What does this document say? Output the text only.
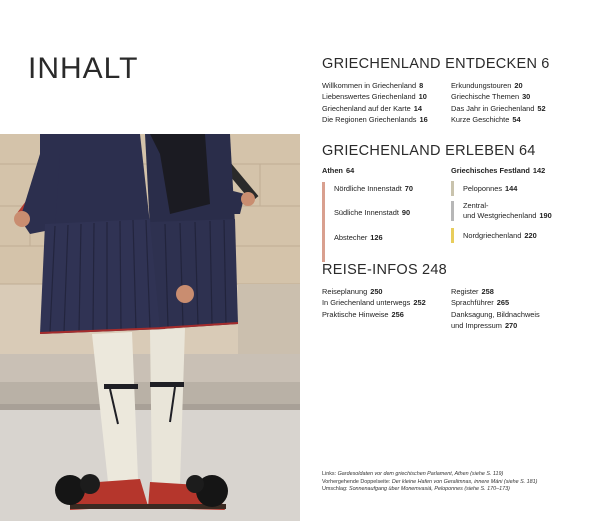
INHALT	GRIECHENLAND ENTDECKEN 6
Willkommen in Griechenland 8
Liebenswertes Griechenland 10
Griechenland auf der Karte 14
Die Regionen Griechenlands 16
Erkundungstouren 20
Griechische Themen 30
Das Jahr in Griechenland 52
Kurze Geschichte 54
GRIECHENLAND ERLEBEN 64
Athen 64
Nördliche Innenstadt 70
Südliche Innenstadt 90
Abstecher 126
Griechisches Festland 142
Peloponnes 144
Zentral-
und Westgriechenland 190
Nordgriechenland 220
REISE-INFOS 248
Reiseplanung 250
In Griechenland unterwegs 252
Praktische Hinweise 256
Register 258
Sprachführer 265
Danksagung, Bildnachweis
und Impressum 270
Links: Gardesoldaten vor dem griechischen Parlament, Athen (siehe S. 119)
Vorhergehende Doppelseite: Der kleine Hafen von Geralimnas, innere Máni (siehe S. 181)
Umschlag: Sonnenaufgang über Monemvasiá, Peloponnes (siehe S. 170–173)
